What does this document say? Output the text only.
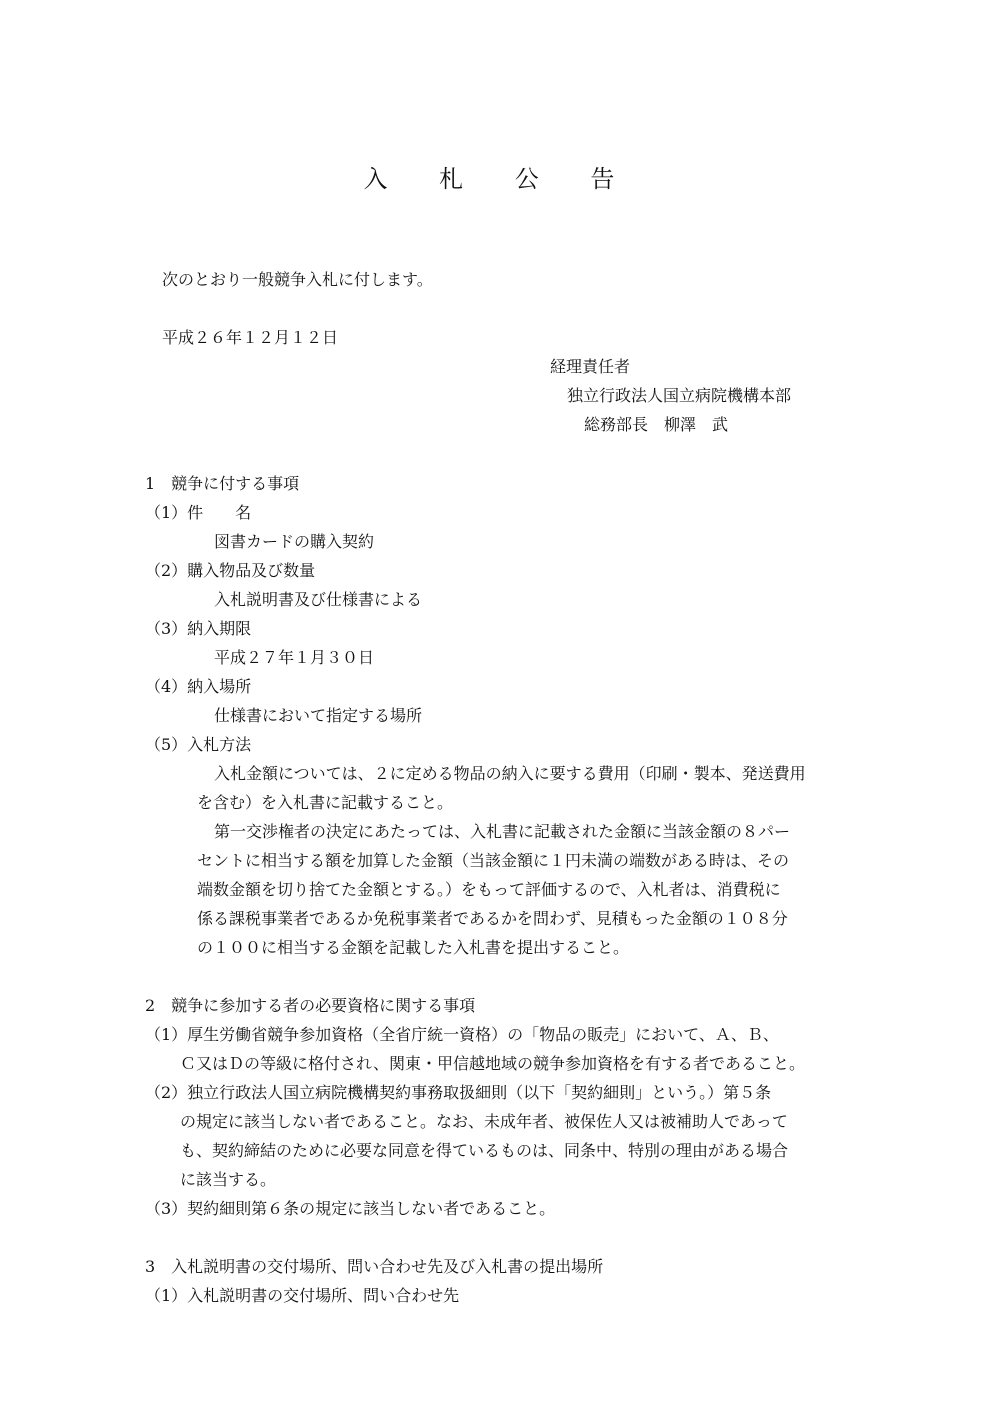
入 札 公 告
次のとおり一般競争入札に付します。
平成２６年１２月１２日
経理責任者
独立行政法人国立病院機構本部
総務部長　柳澤　武
1　競争に付する事項
（1）件　　名
図書カードの購入契約
（2）購入物品及び数量
入札説明書及び仕様書による
（3）納入期限
平成２７年１月３０日
（4）納入場所
仕様書において指定する場所
（5）入札方法
入札金額については、２に定める物品の納入に要する費用（印刷・製本、発送費用
を含む）を入札書に記載すること。
第一交渉権者の決定にあたっては、入札書に記載された金額に当該金額の８パー
セントに相当する額を加算した金額（当該金額に１円未満の端数がある時は、その
端数金額を切り捨てた金額とする。）をもって評価するので、入札者は、消費税に
係る課税事業者であるか免税事業者であるかを問わず、見積もった金額の１０８分
の１００に相当する金額を記載した入札書を提出すること。
2　競争に参加する者の必要資格に関する事項
（1）厚生労働省競争参加資格（全省庁統一資格）の「物品の販売」において、Ａ、Ｂ、
Ｃ又はＤの等級に格付され、関東・甲信越地域の競争参加資格を有する者であること。
（2）独立行政法人国立病院機構契約事務取扱細則（以下「契約細則」という。）第５条
の規定に該当しない者であること。なお、未成年者、被保佐人又は被補助人であって
も、契約締結のために必要な同意を得ているものは、同条中、特別の理由がある場合
に該当する。
（3）契約細則第６条の規定に該当しない者であること。
3　入札説明書の交付場所、問い合わせ先及び入札書の提出場所
（1）入札説明書の交付場所、問い合わせ先
